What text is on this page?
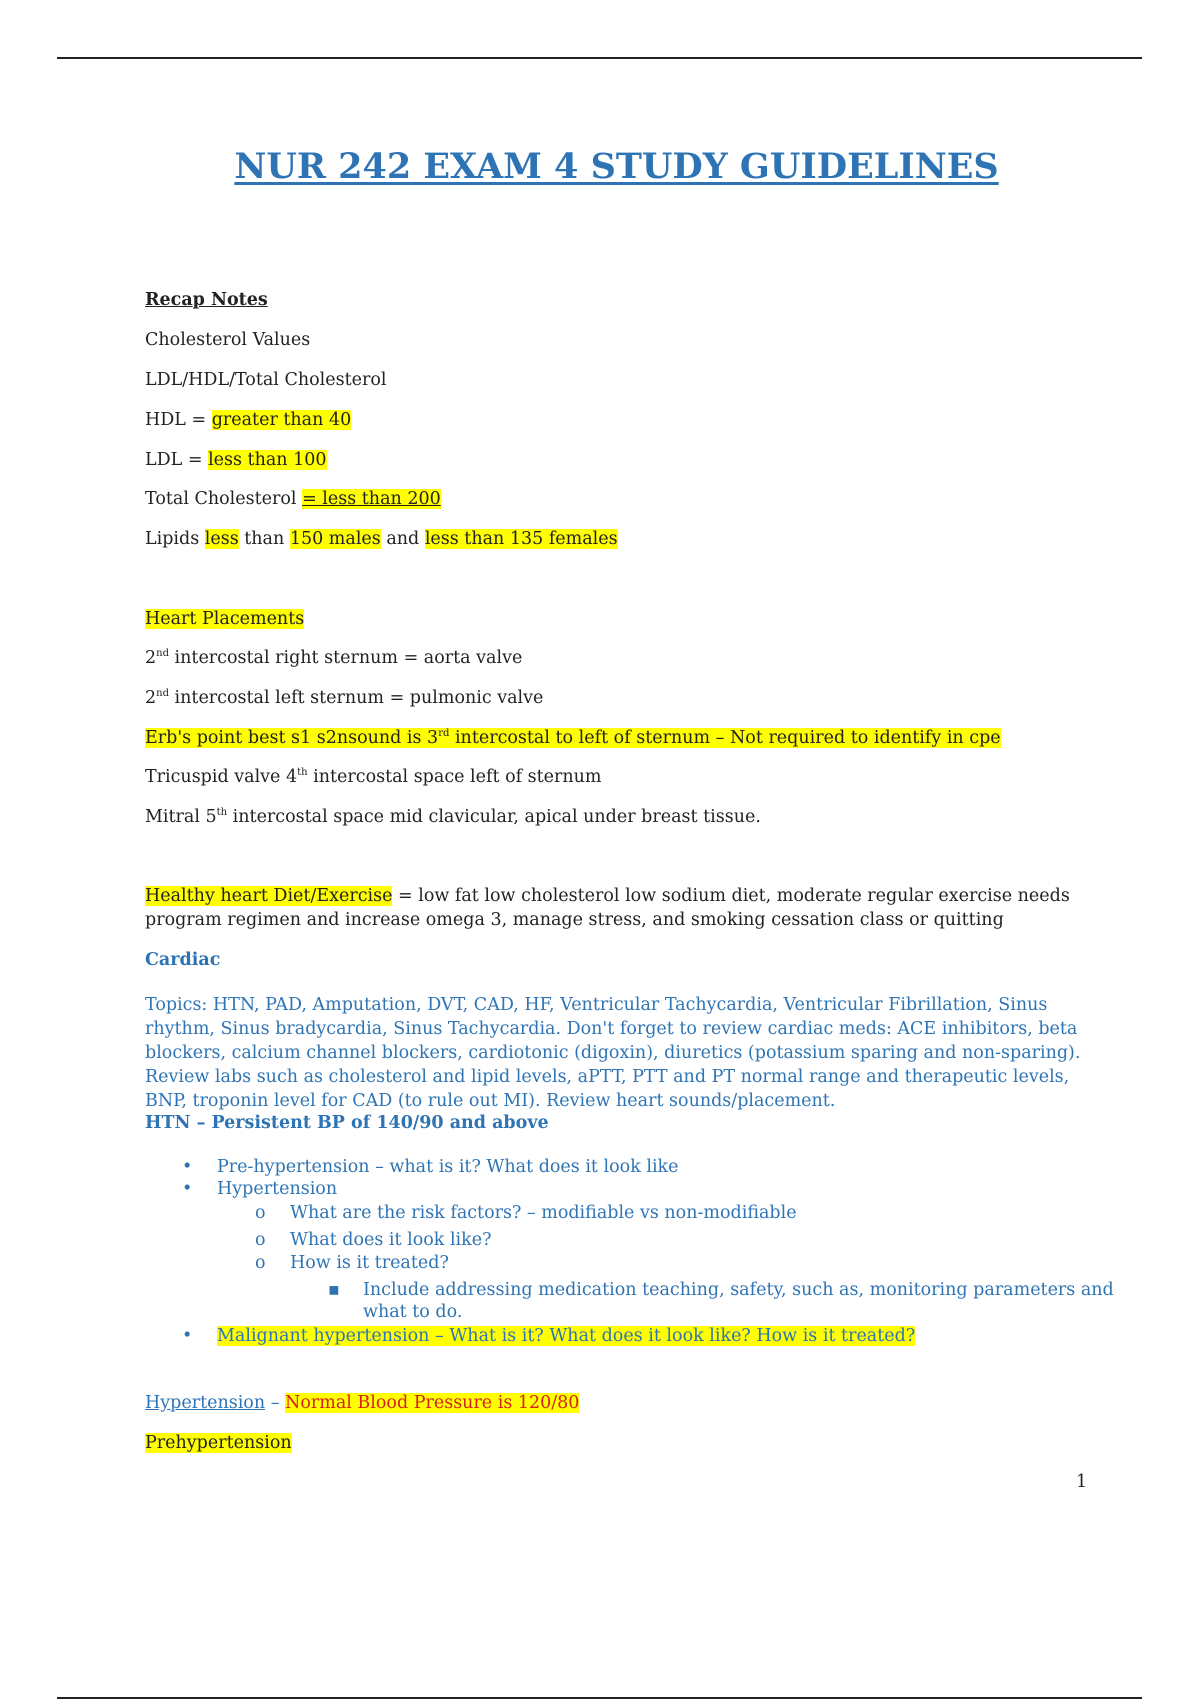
NUR 242 EXAM 4 STUDY GUIDELINES
Recap Notes
Cholesterol Values
LDL/HDL/Total Cholesterol
HDL = greater than 40
LDL = less than 100
Total Cholesterol = less than 200
Lipids less than 150 males and less than 135 females
Heart Placements
2nd intercostal right sternum = aorta valve
2nd intercostal left sternum = pulmonic valve
Erb's point best s1 s2nsound is 3rd intercostal to left of sternum – Not required to identify in cpe
Tricuspid valve 4th intercostal space left of sternum
Mitral 5th intercostal space mid clavicular, apical under breast tissue.
Healthy heart Diet/Exercise = low fat low cholesterol low sodium diet, moderate regular exercise needs program regimen and increase omega 3, manage stress, and smoking cessation class or quitting
Cardiac
Topics: HTN, PAD, Amputation, DVT, CAD, HF, Ventricular Tachycardia, Ventricular Fibrillation, Sinus rhythm, Sinus bradycardia, Sinus Tachycardia. Don't forget to review cardiac meds: ACE inhibitors, beta blockers, calcium channel blockers, cardiotonic (digoxin), diuretics (potassium sparing and non-sparing). Review labs such as cholesterol and lipid levels, aPTT, PTT and PT normal range and therapeutic levels, BNP, troponin level for CAD (to rule out MI). Review heart sounds/placement.
HTN – Persistent BP of 140/90 and above
• Pre-hypertension – what is it? What does it look like
• Hypertension
o What are the risk factors? – modifiable vs non-modifiable
o What does it look like?
o How is it treated?
▪ Include addressing medication teaching, safety, such as, monitoring parameters and
what to do.
• Malignant hypertension – What is it? What does it look like? How is it treated?
Hypertension – Normal Blood Pressure is 120/80
Prehypertension
1
